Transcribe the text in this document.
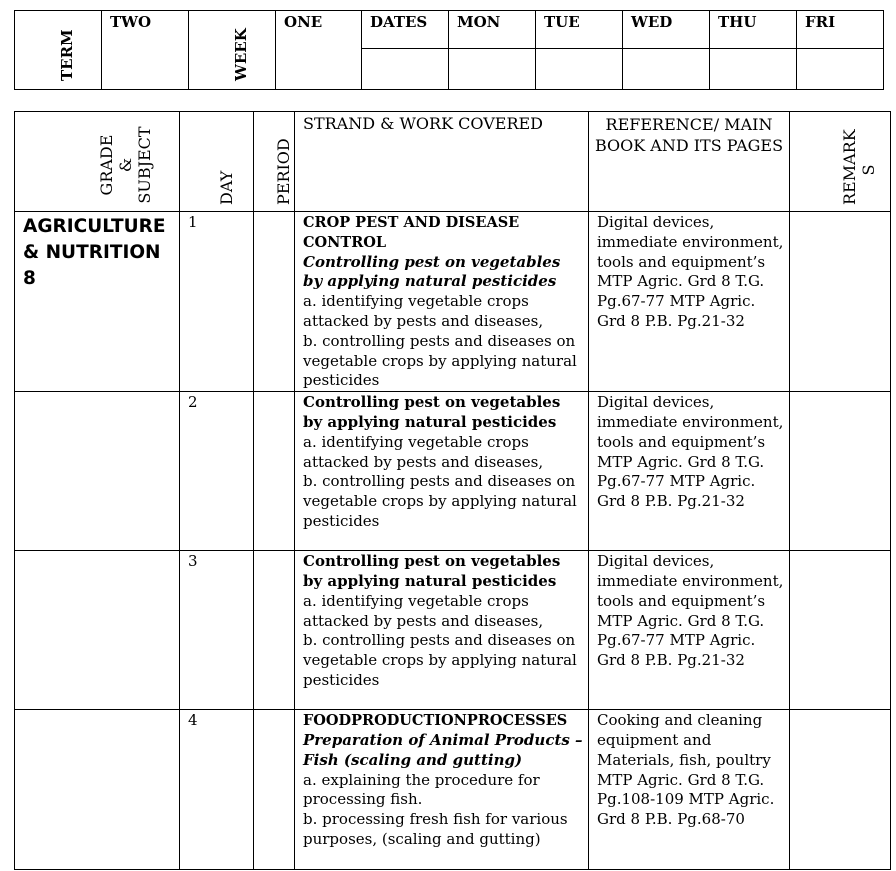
TERM	TWO	WEEK	ONE	DATES	MON	TUE	WED	THU	FRI

GRADE & SUBJECT	DAY	PERIOD	STRAND & WORK COVERED	REFERENCE/ MAIN BOOK AND ITS PAGES	REMARK S

AGRICULTURE & NUTRITION 8	1		CROP PEST AND DISEASE CONTROL
Controlling pest on vegetables by applying natural pesticides
a. identifying vegetable crops attacked by pests and diseases,
b. controlling pests and diseases on vegetable crops by applying natural pesticides	Digital devices, immediate environment, tools and equipment’s MTP Agric. Grd 8 T.G. Pg.67-77 MTP Agric. Grd 8 P.B. Pg.21-32	
	2		Controlling pest on vegetables by applying natural pesticides
a. identifying vegetable crops attacked by pests and diseases,
b. controlling pests and diseases on vegetable crops by applying natural pesticides	Digital devices, immediate environment, tools and equipment’s MTP Agric. Grd 8 T.G. Pg.67-77 MTP Agric. Grd 8 P.B. Pg.21-32	
	3		Controlling pest on vegetables by applying natural pesticides
a. identifying vegetable crops attacked by pests and diseases,
b. controlling pests and diseases on vegetable crops by applying natural pesticides	Digital devices, immediate environment, tools and equipment’s MTP Agric. Grd 8 T.G. Pg.67-77 MTP Agric. Grd 8 P.B. Pg.21-32	
	4		FOODPRODUCTIONPROCESSES
Preparation of Animal Products – Fish (scaling and gutting)
a. explaining the procedure for processing fish.
b. processing fresh fish for various purposes, (scaling and gutting)	Cooking and cleaning equipment and Materials, fish, poultry MTP Agric. Grd 8 T.G. Pg.108-109 MTP Agric. Grd 8 P.B. Pg.68-70	
